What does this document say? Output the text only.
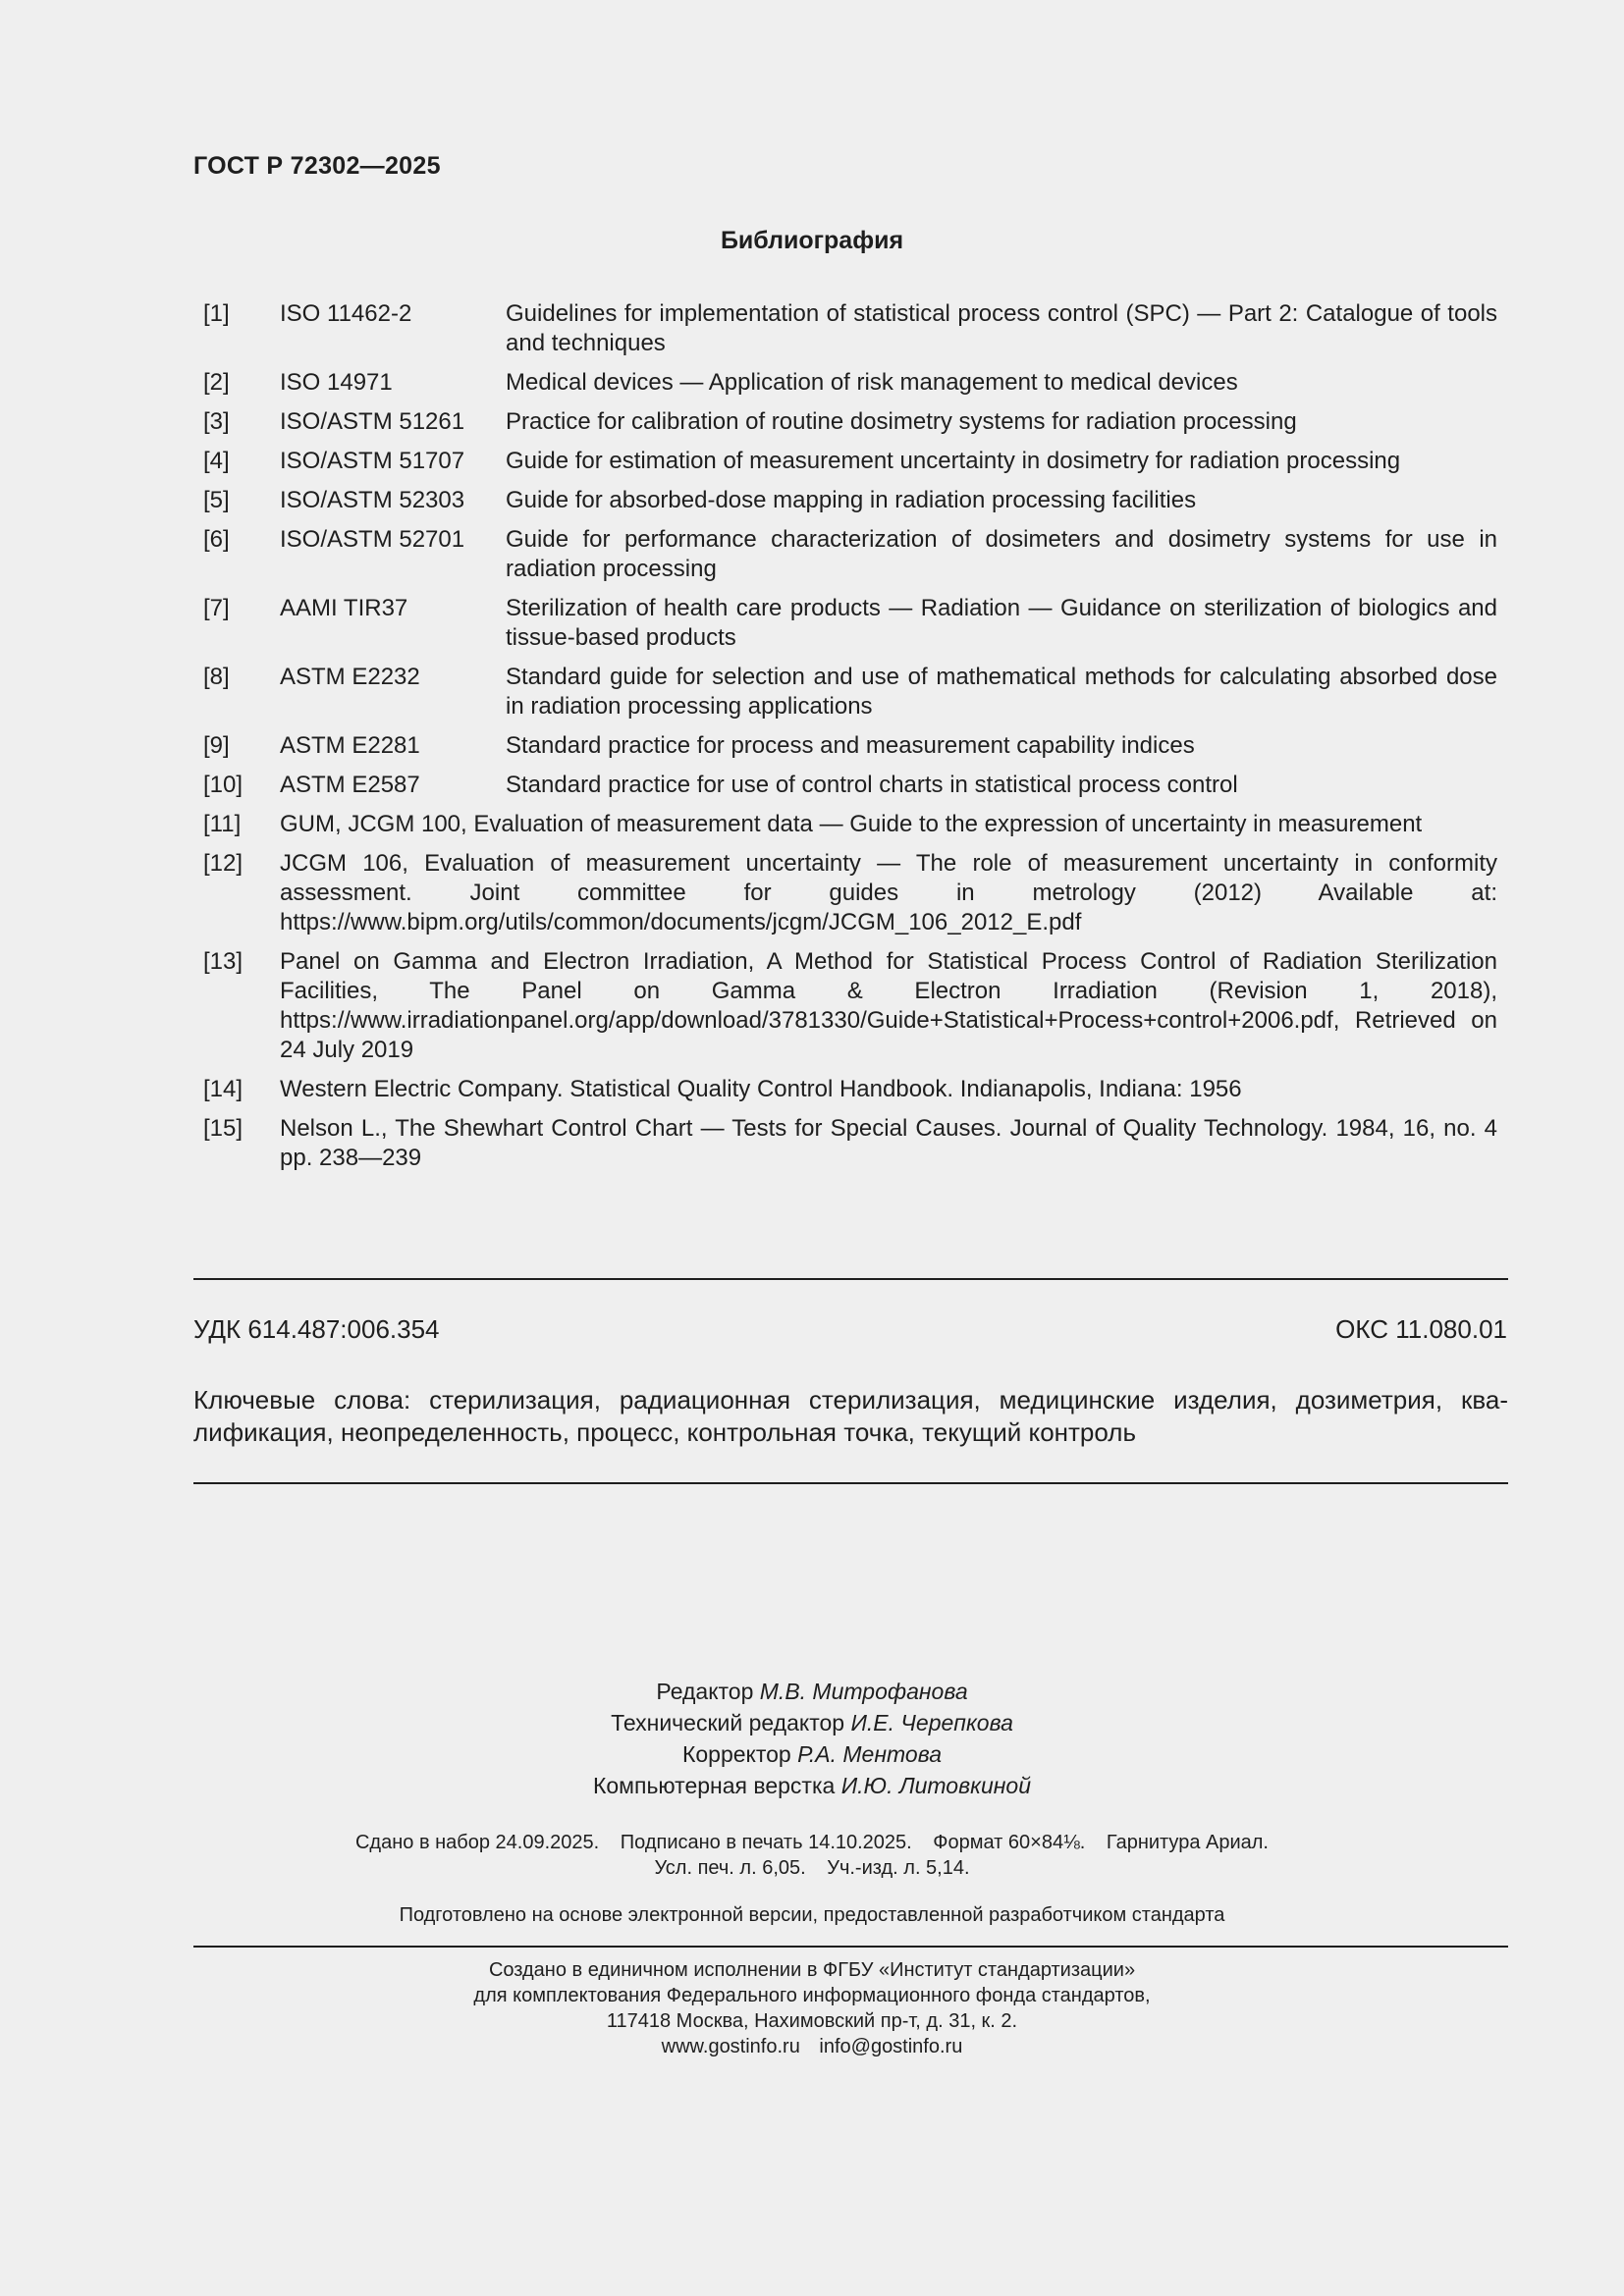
ГОСТ Р 72302—2025
Библиография
[1] ISO 11462-2	Guidelines for implementation of statistical process control (SPC) — Part 2: Catalogue of tools and techniques
[2] ISO 14971	Medical devices — Application of risk management to medical devices
[3] ISO/ASTM 51261 Practice for calibration of routine dosimetry systems for radiation processing
[4] ISO/ASTM 51707 Guide for estimation of measurement uncertainty in dosimetry for radiation processing
[5] ISO/ASTM 52303 Guide for absorbed-dose mapping in radiation processing facilities
[6] ISO/ASTM 52701 Guide for performance characterization of dosimeters and dosimetry systems for use in radiation processing
[7] AAMI TIR37	Sterilization of health care products — Radiation — Guidance on sterilization of biologics and tissue-based products
[8] ASTM E2232	Standard guide for selection and use of mathematical methods for calculating absorbed dose in radiation processing applications
[9] ASTM E2281	Standard practice for process and measurement capability indices
[10] ASTM E2587	Standard practice for use of control charts in statistical process control
[11] GUM, JCGM 100, Evaluation of measurement data — Guide to the expression of uncertainty in measurement
[12] JCGM 106, Evaluation of measurement uncertainty — The role of measurement uncertainty in conformity assessment. Joint committee for guides in metrology (2012) Available at: https://www.bipm.org/utils/common/documents/jcgm/JCGM_106_2012_E.pdf
[13] Panel on Gamma and Electron Irradiation, A Method for Statistical Process Control of Radiation Sterilization Facilities, The Panel on Gamma & Electron Irradiation (Revision 1, 2018), https://www.irradiationpanel.org/app/download/3781330/Guide+Statistical+Process+control+2006.pdf, Retrieved on 24 July 2019
[14] Western Electric Company. Statistical Quality Control Handbook. Indianapolis, Indiana: 1956
[15] Nelson L., The Shewhart Control Chart — Tests for Special Causes. Journal of Quality Technology. 1984, 16, no. 4 pp. 238—239
УДК 614.487:006.354	ОКС 11.080.01
Ключевые слова: стерилизация, радиационная стерилизация, медицинские изделия, дозиметрия, ква-лификация, неопределенность, процесс, контрольная точка, текущий контроль
Редактор М.В. Митрофанова
Технический редактор И.Е. Черепкова
Корректор Р.А. Ментова
Компьютерная верстка И.Ю. Литовкиной
Сдано в набор 24.09.2025. Подписано в печать 14.10.2025. Формат 60×84⅛. Гарнитура Ариал.
Усл. печ. л. 6,05. Уч.-изд. л. 5,14.
Подготовлено на основе электронной версии, предоставленной разработчиком стандарта
Создано в единичном исполнении в ФГБУ «Институт стандартизации»
для комплектования Федерального информационного фонда стандартов,
117418 Москва, Нахимовский пр-т, д. 31, к. 2.
www.gostinfo.ru info@gostinfo.ru
